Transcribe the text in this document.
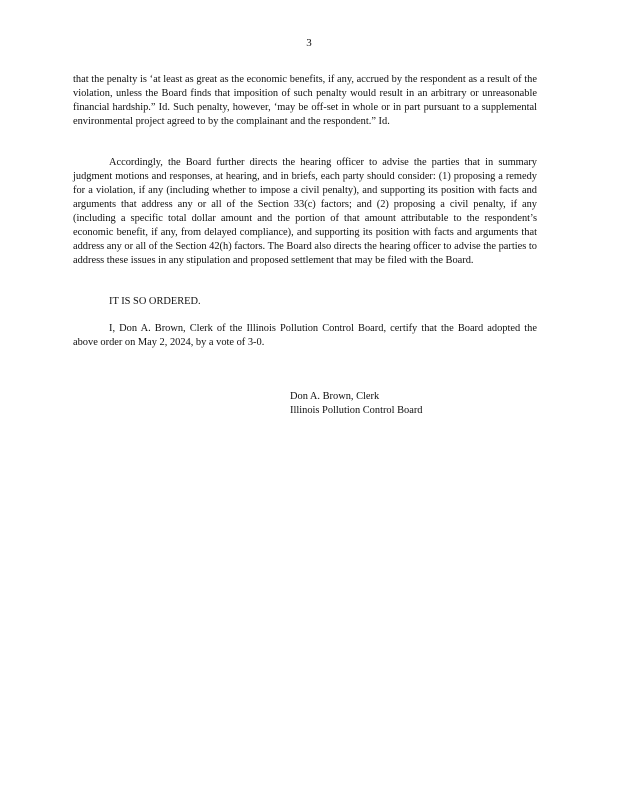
3

that the penalty is ‘at least as great as the economic benefits, if any, accrued by the respondent as a result of the violation, unless the Board finds that imposition of such penalty would result in an arbitrary or unreasonable financial hardship.” Id. Such penalty, however, ‘may be off-set in whole or in part pursuant to a supplemental environmental project agreed to by the complainant and the respondent.” Id.

Accordingly, the Board further directs the hearing officer to advise the parties that in summary judgment motions and responses, at hearing, and in briefs, each party should consider: (1) proposing a remedy for a violation, if any (including whether to impose a civil penalty), and supporting its position with facts and arguments that address any or all of the Section 33(c) factors; and (2) proposing a civil penalty, if any (including a specific total dollar amount and the portion of that amount attributable to the respondent’s economic benefit, if any, from delayed compliance), and supporting its position with facts and arguments that address any or all of the Section 42(h) factors. The Board also directs the hearing officer to advise the parties to address these issues in any stipulation and proposed settlement that may be filed with the Board.

IT IS SO ORDERED.

I, Don A. Brown, Clerk of the Illinois Pollution Control Board, certify that the Board adopted the above order on May 2, 2024, by a vote of 3-0.

Don A. Brown, Clerk
Illinois Pollution Control Board
